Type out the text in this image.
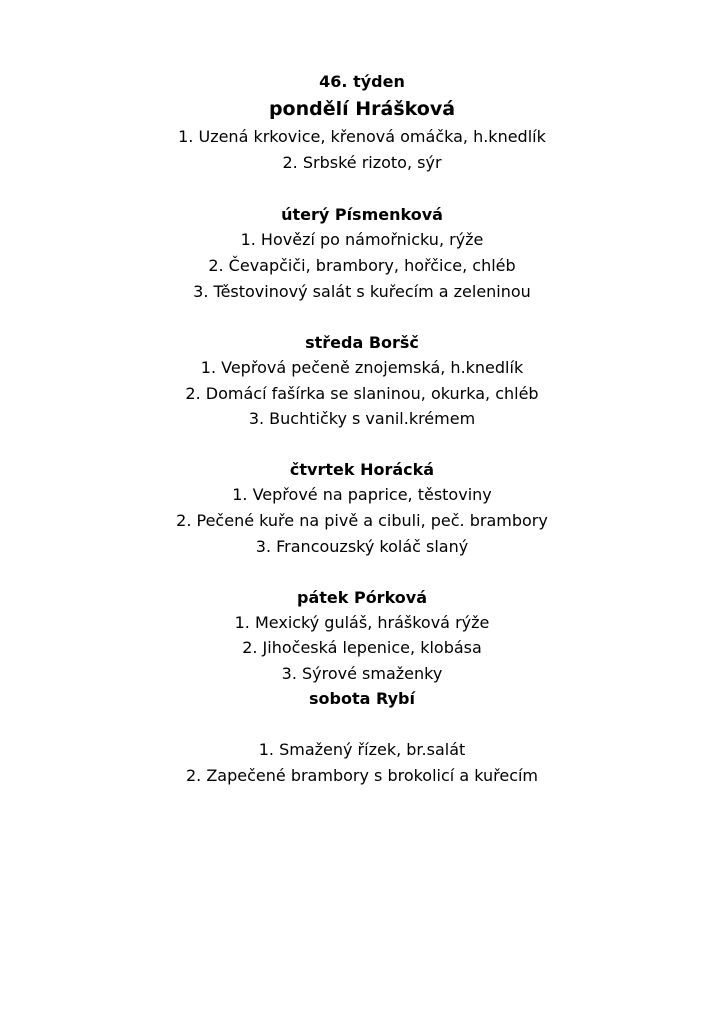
46. týden
pondělí Hrášková
1. Uzená krkovice, křenová omáčka, h.knedlík
2. Srbské rizoto, sýr
úterý Písmenková
1. Hovězí po námořnicku, rýže
2. Čevapčiči, brambory, hořčice, chléb
3. Těstovinový salát s kuřecím a zeleninou
středa Boršč
1. Vepřová pečeně znojemská, h.knedlík
2. Domácí fašírka se slaninou, okurka, chléb
3. Buchtičky s vanil.krémem
čtvrtek Horácká
1. Vepřové na paprice, těstoviny
2. Pečené kuře na pivě a cibuli, peč. brambory
3. Francouzský koláč slaný
pátek Pórková
1. Mexický guláš, hrášková rýže
2. Jihočeská lepenice, klobása
3. Sýrové smaženky
sobota Rybí
1. Smažený řízek, br.salát
2. Zapečené brambory s brokolicí a kuřecím
